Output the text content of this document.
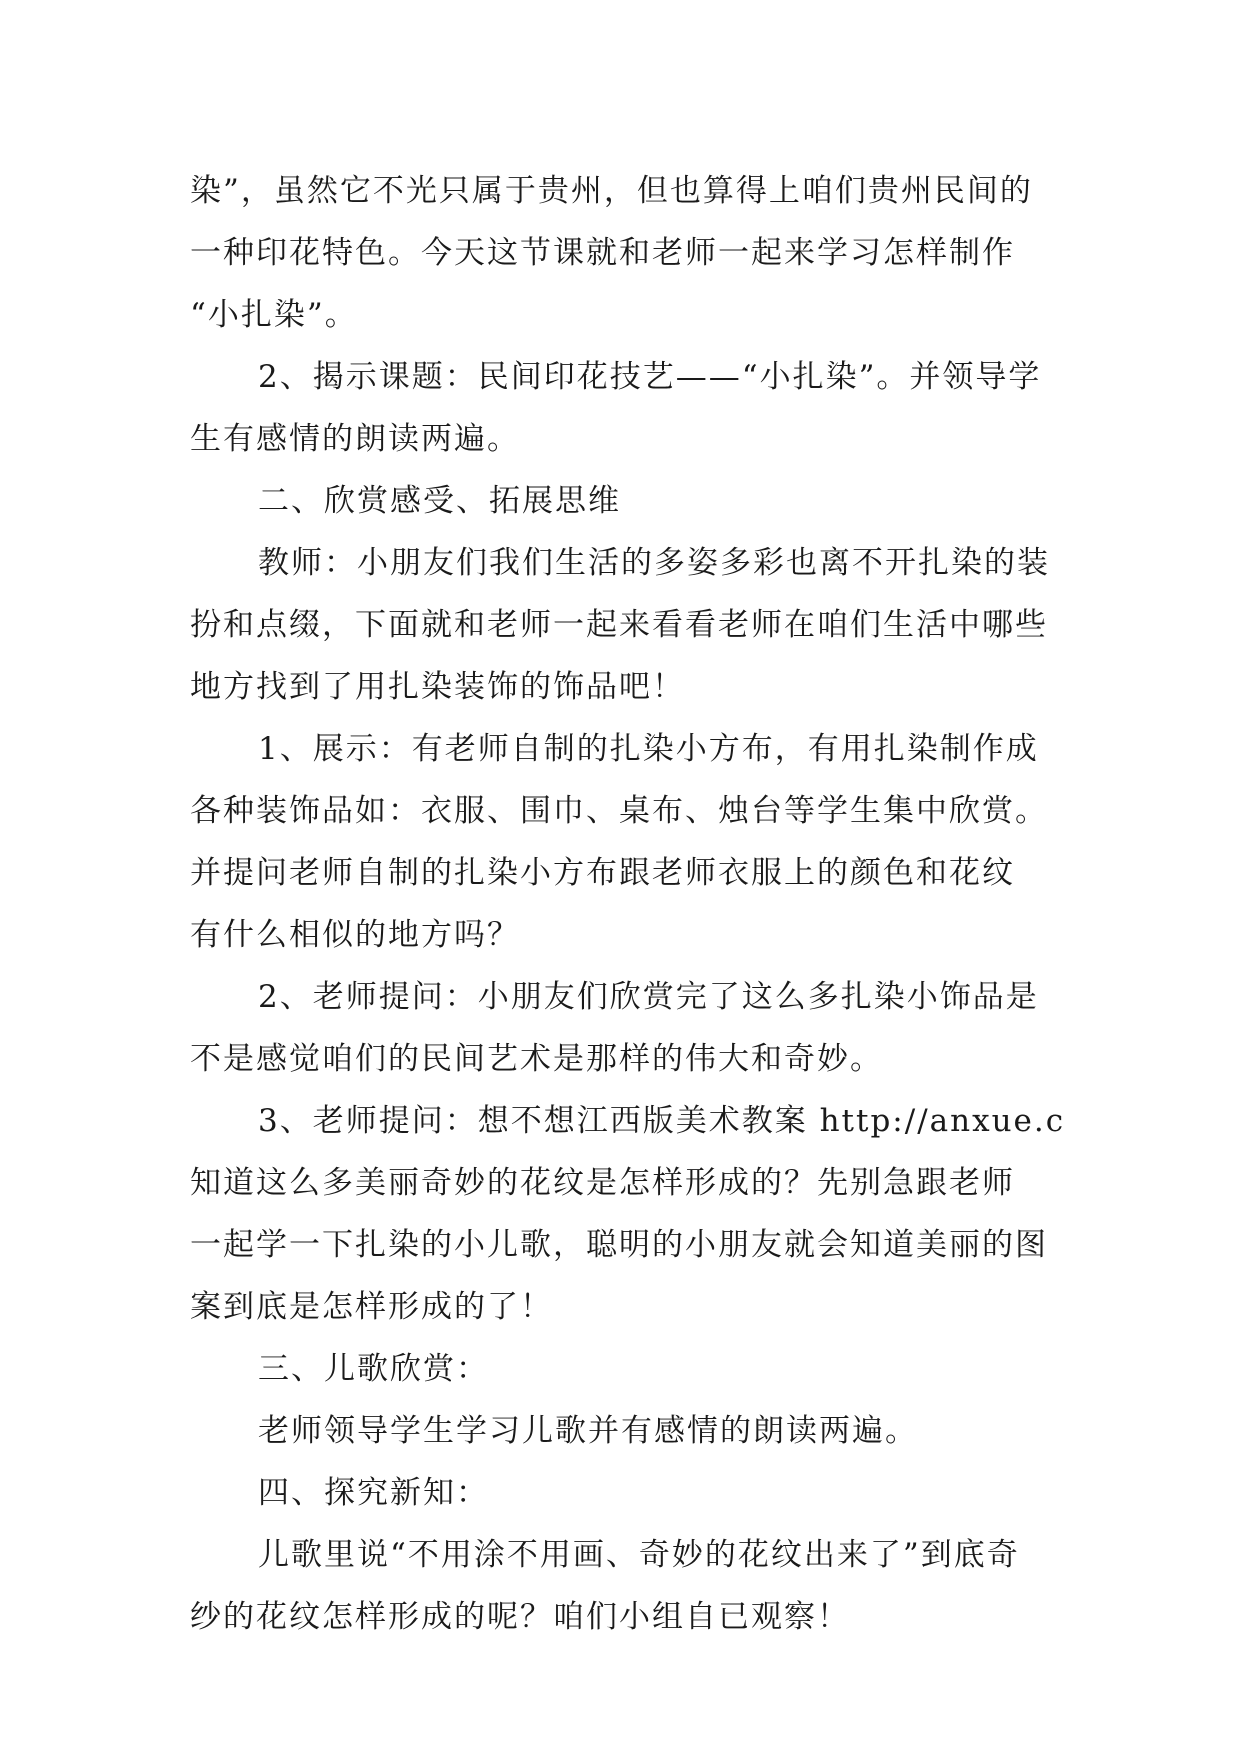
染”，虽然它不光只属于贵州，但也算得上咱们贵州民间的
一种印花特色。今天这节课就和老师一起来学习怎样制作
“小扎染”。
2、揭示课题：民间印花技艺——“小扎染”。并领导学
生有感情的朗读两遍。
二、欣赏感受、拓展思维
教师：小朋友们我们生活的多姿多彩也离不开扎染的装
扮和点缀，下面就和老师一起来看看老师在咱们生活中哪些
地方找到了用扎染装饰的饰品吧！
1、展示：有老师自制的扎染小方布，有用扎染制作成
各种装饰品如：衣服、围巾、桌布、烛台等学生集中欣赏。
并提问老师自制的扎染小方布跟老师衣服上的颜色和花纹
有什么相似的地方吗？
2、老师提问：小朋友们欣赏完了这么多扎染小饰品是
不是感觉咱们的民间艺术是那样的伟大和奇妙。
3、老师提问：想不想江西版美术教案 http://anxue.c
知道这么多美丽奇妙的花纹是怎样形成的？先别急跟老师
一起学一下扎染的小儿歌，聪明的小朋友就会知道美丽的图
案到底是怎样形成的了！
三、儿歌欣赏：
老师领导学生学习儿歌并有感情的朗读两遍。
四、探究新知：
儿歌里说“不用涂不用画、奇妙的花纹出来了”到底奇
纱的花纹怎样形成的呢？咱们小组自已观察！
